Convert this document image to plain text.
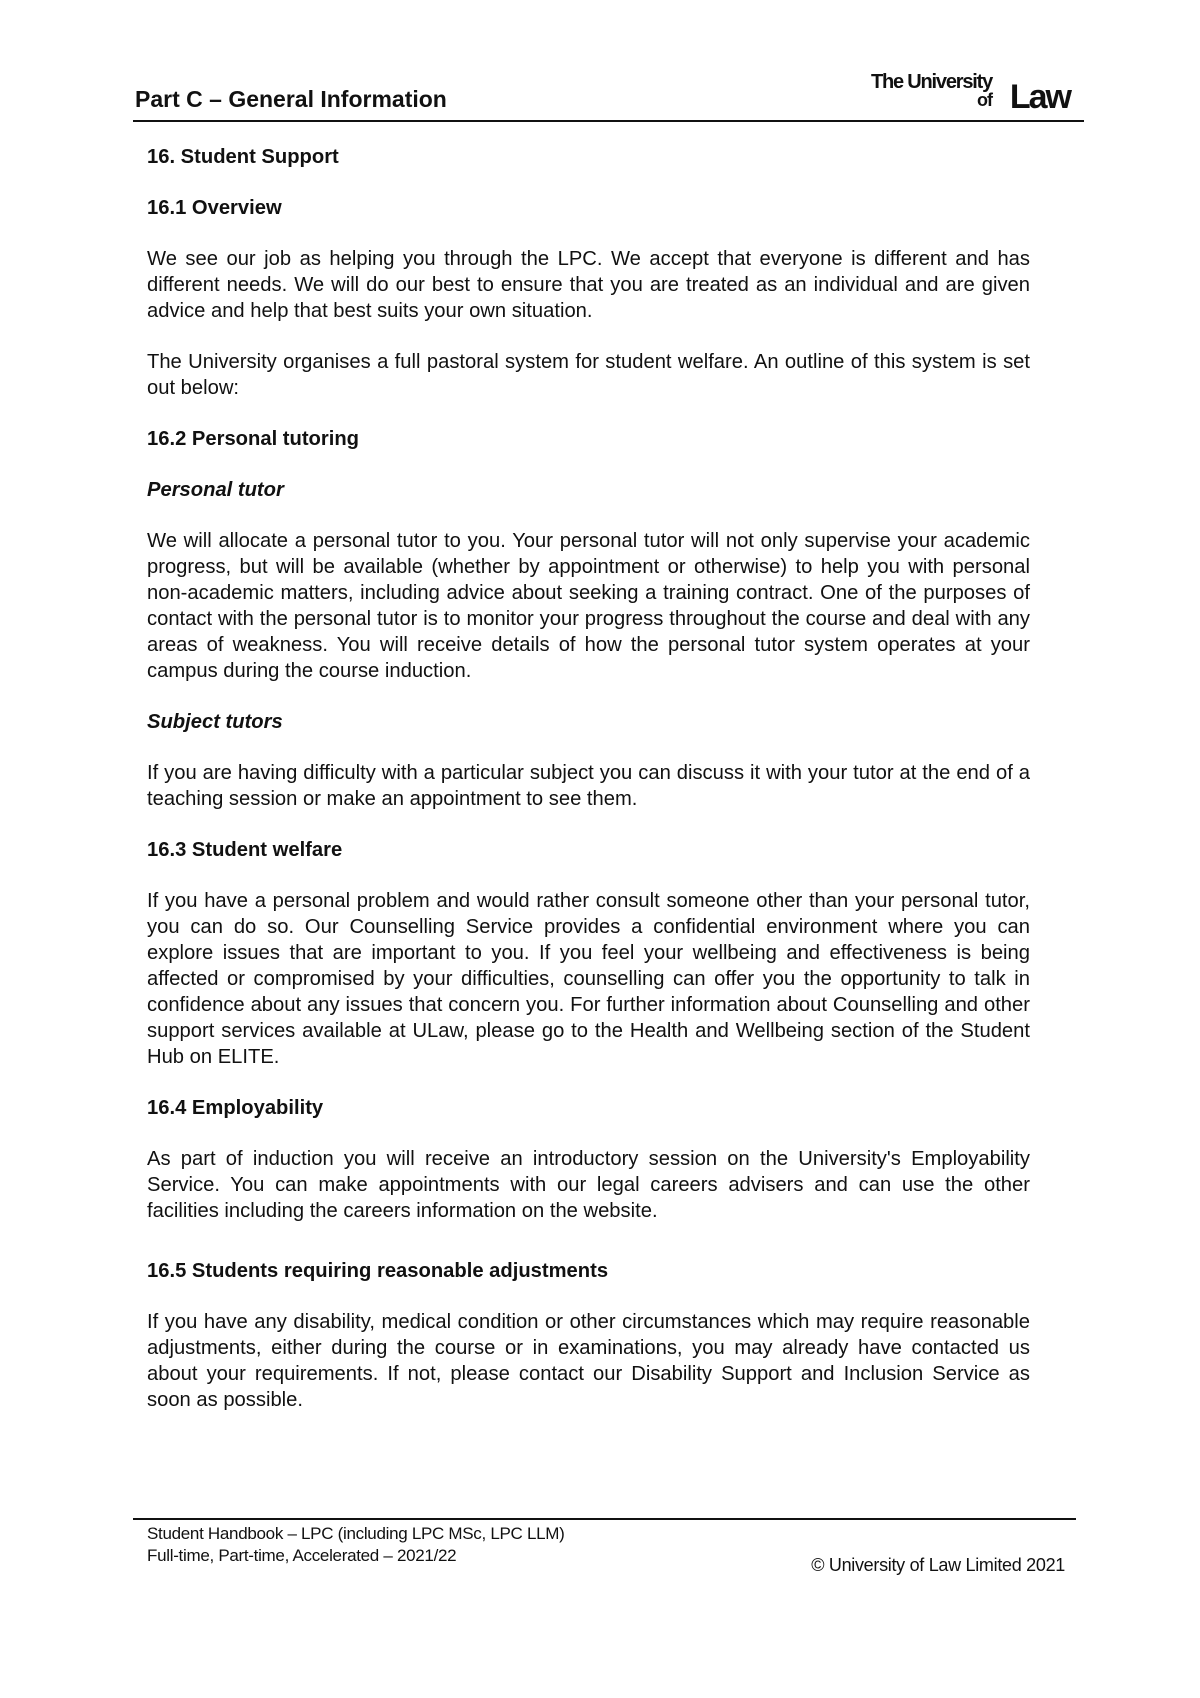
Part C – General Information
The University
of Law
16. Student Support
16.1 Overview

We see our job as helping you through the LPC. We accept that everyone is different and has different needs. We will do our best to ensure that you are treated as an individual and are given advice and help that best suits your own situation.

The University organises a full pastoral system for student welfare. An outline of this system is set out below:

16.2 Personal tutoring
Personal tutor

We will allocate a personal tutor to you. Your personal tutor will not only supervise your academic progress, but will be available (whether by appointment or otherwise) to help you with personal non-academic matters, including advice about seeking a training contract. One of the purposes of contact with the personal tutor is to monitor your progress throughout the course and deal with any areas of weakness. You will receive details of how the personal tutor system operates at your campus during the course induction.

Subject tutors

If you are having difficulty with a particular subject you can discuss it with your tutor at the end of a teaching session or make an appointment to see them.

16.3 Student welfare

If you have a personal problem and would rather consult someone other than your personal tutor, you can do so. Our Counselling Service provides a confidential environment where you can explore issues that are important to you. If you feel your wellbeing and effectiveness is being affected or compromised by your difficulties, counselling can offer you the opportunity to talk in confidence about any issues that concern you. For further information about Counselling and other support services available at ULaw, please go to the Health and Wellbeing section of the Student Hub on ELITE.

16.4 Employability

As part of induction you will receive an introductory session on the University's Employability Service. You can make appointments with our legal careers advisers and can use the other facilities including the careers information on the website.

16.5 Students requiring reasonable adjustments

If you have any disability, medical condition or other circumstances which may require reasonable adjustments, either during the course or in examinations, you may already have contacted us about your requirements. If not, please contact our Disability Support and Inclusion Service as soon as possible.

Student Handbook – LPC (including LPC MSc, LPC LLM)
Full-time, Part-time, Accelerated – 2021/22	© University of Law Limited 2021
